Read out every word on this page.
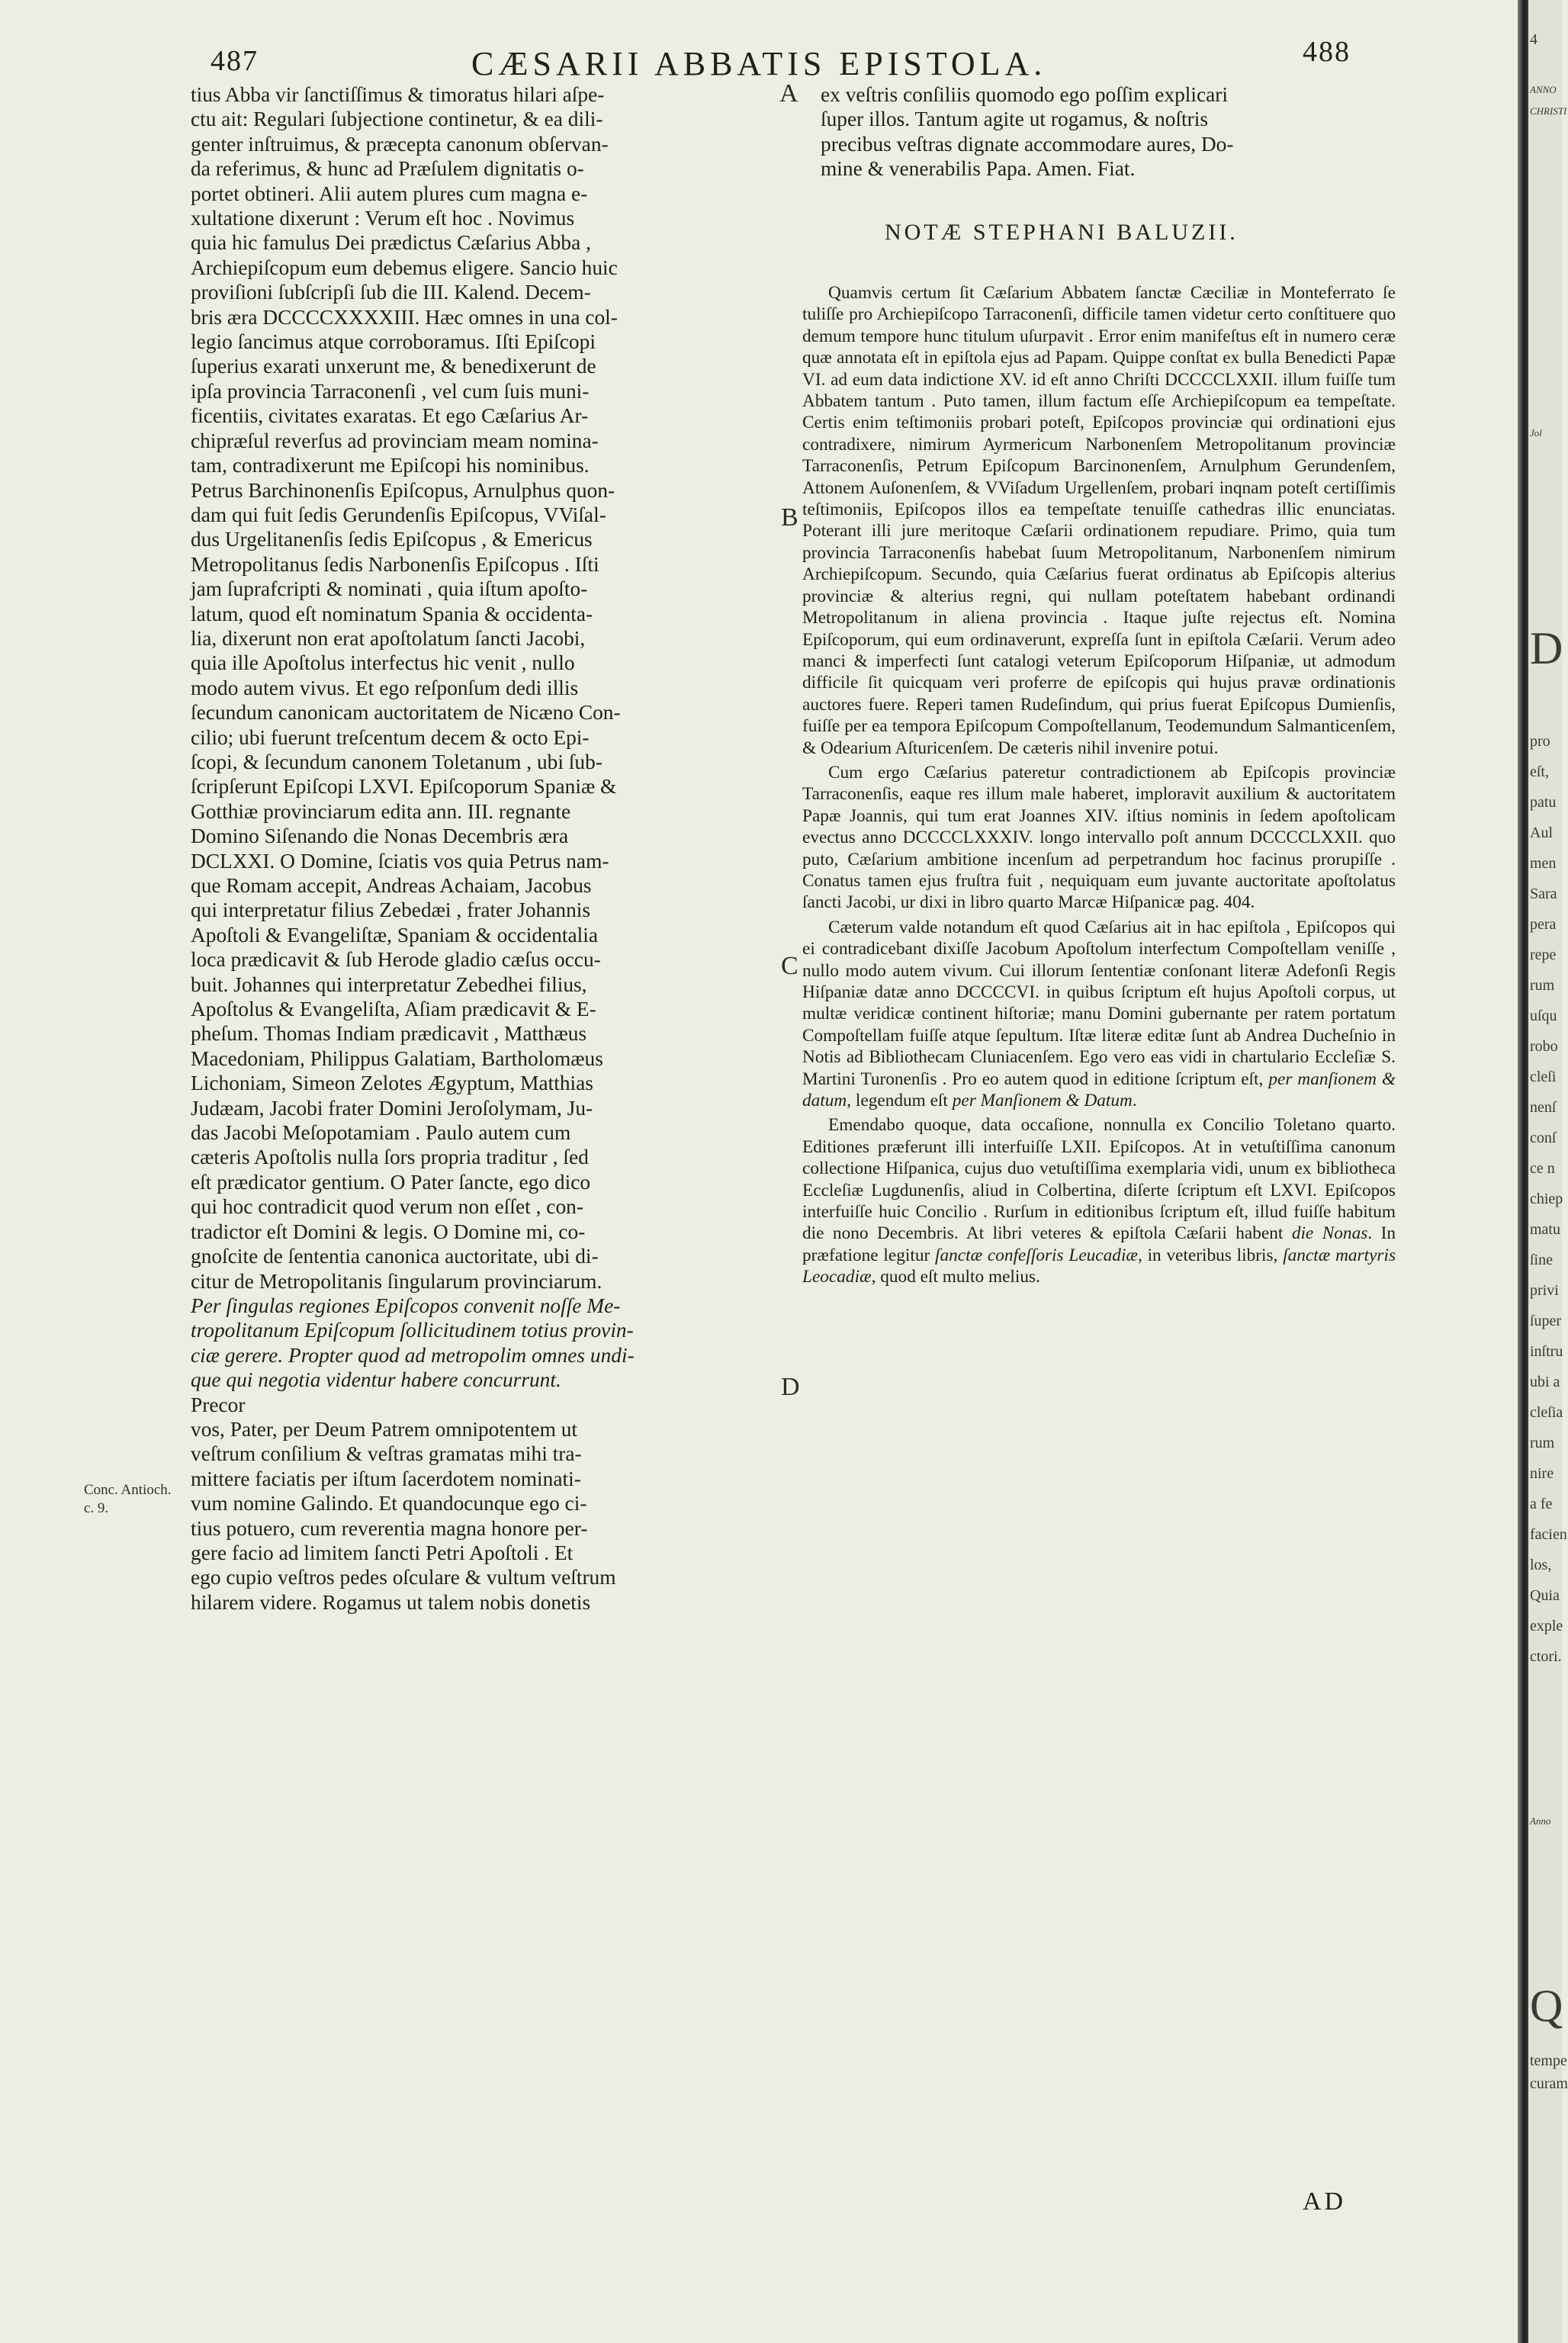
487	CÆSARII ABBATIS EPISTOLA.	488

tius Abba vir ſanctiſſimus & timoratus hilari aſpe-

ctu ait: Regulari ſubjectione continetur, & ea dili-

genter inſtruimus, & præcepta canonum obſervan-

da referimus, & hunc ad Præſulem dignitatis o-

portet obtineri. Alii autem plures cum magna e-

xultatione dixerunt : Verum eſt hoc . Novimus

quia hic famulus Dei prædictus Cæſarius Abba ,

Archiepiſcopum eum debemus eligere. Sancio huic

proviſioni ſubſcripſi ſub die III. Kalend. Decem-

bris æra DCCCCXXXXIII. Hæc omnes in una col-

legio ſancimus atque corroboramus. Iſti Epiſcopi

ſuperius exarati unxerunt me, & benedixerunt de

ipſa provincia Tarraconenſi , vel cum ſuis muni-

ficentiis, civitates exaratas. Et ego Cæſarius Ar-

chipræſul reverſus ad provinciam meam nomina-

tam, contradixerunt me Epiſcopi his nominibus.

Petrus Barchinonenſis Epiſcopus, Arnulphus quon-

dam qui fuit ſedis Gerundenſis Epiſcopus, VViſal-

dus Urgelitanenſis ſedis Epiſcopus , & Emericus

Metropolitanus ſedis Narbonenſis Epiſcopus . Iſti

jam ſuprafcripti & nominati , quia iſtum apoſto-

latum, quod eſt nominatum Spania & occidenta-

lia, dixerunt non erat apoſtolatum ſancti Jacobi,

quia ille Apoſtolus interfectus hic venit , nullo

modo autem vivus. Et ego reſponſum dedi illis

ſecundum canonicam auctoritatem de Nicæno Con-

cilio; ubi fuerunt treſcentum decem & octo Epi-

ſcopi, & ſecundum canonem Toletanum , ubi ſub-

ſcripſerunt Epiſcopi LXVI. Epiſcoporum Spaniæ &

Gotthiæ provinciarum edita ann. III. regnante

Domino Siſenando die Nonas Decembris æra

DCLXXI. O Domine, ſciatis vos quia Petrus nam-

que Romam accepit, Andreas Achaiam, Jacobus

qui interpretatur filius Zebedæi , frater Johannis

Apoſtoli & Evangeliſtæ, Spaniam & occidentalia

loca prædicavit & ſub Herode gladio cæſus occu-

buit. Johannes qui interpretatur Zebedhei filius,

Apoſtolus & Evangeliſta, Aſiam prædicavit & E-

pheſum. Thomas Indiam prædicavit , Matthæus

Macedoniam, Philippus Galatiam, Bartholomæus

Lichoniam, Simeon Zelotes Ægyptum, Matthias

Judæam, Jacobi frater Domini Jeroſolymam, Ju-

das Jacobi Meſopotamiam . Paulo autem cum

cæteris Apoſtolis nulla ſors propria traditur , ſed

eſt prædicator gentium. O Pater ſancte, ego dico

qui hoc contradicit quod verum non eſſet , con-

tradictor eſt Domini & legis. O Domine mi, co-

gnoſcite de ſententia canonica auctoritate, ubi di-

citur de Metropolitanis ſingularum provinciarum.

Per ſingulas regiones Epiſcopos convenit noſſe Me-

tropolitanum Epiſcopum ſollicitudinem totius provin-

ciæ gerere. Propter quod ad metropolim omnes undi-

que qui negotia videntur habere concurrunt.

Precor

vos, Pater, per Deum Patrem omnipotentem ut

veſtrum conſilium & veſtras gramatas mihi tra-

mittere faciatis per iſtum ſacerdotem nominati-

vum nomine Galindo. Et quandocunque ego ci-

tius potuero, cum reverentia magna honore per-

gere facio ad limitem ſancti Petri Apoſtoli . Et

ego cupio veſtros pedes oſculare & vultum veſtrum

hilarem videre. Rogamus ut talem nobis donetis

Conc. Antioch. c. 9.
A
B
C
D

ex veſtris conſiliis quomodo ego poſſim explicari

ſuper illos. Tantum agite ut rogamus, & noſtris

precibus veſtras dignate accommodare aures, Do-

mine & venerabilis Papa. Amen. Fiat.

NOTÆ STEPHANI BALUZII.

Quamvis certum ſit Cæſarium Abbatem ſanctæ Cæciliæ in Monteferrato ſe tuliſſe pro Archiepiſcopo Tarraconenſi, difficile tamen videtur certo conſtituere quo demum tempore hunc titulum uſurpavit . Error enim manifeſtus eſt in numero ceræ quæ annotata eſt in epiſtola ejus ad Papam. Quippe conſtat ex bulla Benedicti Papæ VI. ad eum data indictione XV. id eſt anno Chriſti DCCCCLXXII. illum fuiſſe tum Abbatem tantum . Puto tamen, illum factum eſſe Archiepiſcopum ea tempeſtate. Certis enim teſtimoniis probari poteſt, Epiſcopos provinciæ qui ordinationi ejus contradixere, nimirum Ayrmericum Narbonenſem Metropolitanum provinciæ Tarraconenſis, Petrum Epiſcopum Barcinonenſem, Arnulphum Gerundenſem, Attonem Auſonenſem, & VViſadum Urgellenſem, probari inqnam poteſt certiſſimis teſtimoniis, Epiſcopos illos ea tempeſtate tenuiſſe cathedras illic enunciatas. Poterant illi jure meritoque Cæſarii ordinationem repudiare. Primo, quia tum provincia Tarraconenſis habebat ſuum Metropolitanum, Narbonenſem nimirum Archiepiſcopum. Secundo, quia Cæſarius fuerat ordinatus ab Epiſcopis alterius provinciæ & alterius regni, qui nullam poteſtatem habebant ordinandi Metropolitanum in aliena provincia . Itaque juſte rejectus eſt. Nomina Epiſcoporum, qui eum ordinaverunt, expreſſa ſunt in epiſtola Cæſarii. Verum adeo manci & imperfecti ſunt catalogi veterum Epiſcoporum Hiſpaniæ, ut admodum difficile ſit quicquam veri proferre de epiſcopis qui hujus pravæ ordinationis auctores fuere. Reperi tamen Rudeſindum, qui prius fuerat Epiſcopus Dumienſis, fuiſſe per ea tempora Epiſcopum Compoſtellanum, Teodemundum Salmanticenſem, & Odearium Aſturicenſem. De cæteris nihil invenire potui.

Cum ergo Cæſarius pateretur contradictionem ab Epiſcopis provinciæ Tarraconenſis, eaque res illum male haberet, imploravit auxilium & auctoritatem Papæ Joannis, qui tum erat Joannes XIV. iſtius nominis in ſedem apoſtolicam evectus anno DCCCCLXXXIV. longo intervallo poſt annum DCCCCLXXII. quo puto, Cæſarium ambitione incenſum ad perpetrandum hoc facinus prorupiſſe . Conatus tamen ejus fruſtra fuit , nequiquam eum juvante auctoritate apoſtolatus ſancti Jacobi, ur dixi in libro quarto Marcæ Hiſpanicæ pag. 404.

Cæterum valde notandum eſt quod Cæſarius ait in hac epiſtola , Epiſcopos qui ei contradicebant dixiſſe Jacobum Apoſtolum interfectum Compoſtellam veniſſe , nullo modo autem vivum. Cui illorum ſententiæ conſonant literæ Adefonſi Regis Hiſpaniæ datæ anno DCCCCVI. in quibus ſcriptum eſt hujus Apoſtoli corpus, ut multæ veridicæ continent hiſtoriæ; manu Domini gubernante per ratem portatum Compoſtellam fuiſſe atque ſepultum. Iſtæ literæ editæ ſunt ab Andrea Ducheſnio in Notis ad Bibliothecam Cluniacenſem. Ego vero eas vidi in chartulario Eccleſiæ S. Martini Turonenſis . Pro eo autem quod in editione ſcriptum eſt, per manſionem & datum, legendum eſt per Manſionem & Datum.

Emendabo quoque, data occaſione, nonnulla ex Concilio Toletano quarto. Editiones præferunt illi interfuiſſe LXII. Epiſcopos. At in vetuſtiſſima canonum collectione Hiſpanica, cujus duo vetuſtiſſima exemplaria vidi, unum ex bibliotheca Eccleſiæ Lugdunenſis, aliud in Colbertina, diſerte ſcriptum eſt LXVI. Epiſcopos interfuiſſe huic Concilio . Rurſum in editionibus ſcriptum eſt, illud fuiſſe habitum die nono Decembris. At libri veteres & epiſtola Cæſarii habent die Nonas. In præfatione legitur ſanctæ confeſſoris Leucadiæ, in veteribus libris, ſanctæ martyris Leocadiæ, quod eſt multo melius.

AD
4
ANNO
CHRISTI
Jol
D
pro
eſt,
patu
Aul
men
Sara
pera
repe
rum
uſqu
robo
cleſi
nenſ
conſ
ce n
chiep
matu
ſine
privi
ſuper
inſtru
ubi a
cleſia
rum
nire
a fe
facien
los,
Quia
exple
ctori.
Anno
Q
tempe
curam
